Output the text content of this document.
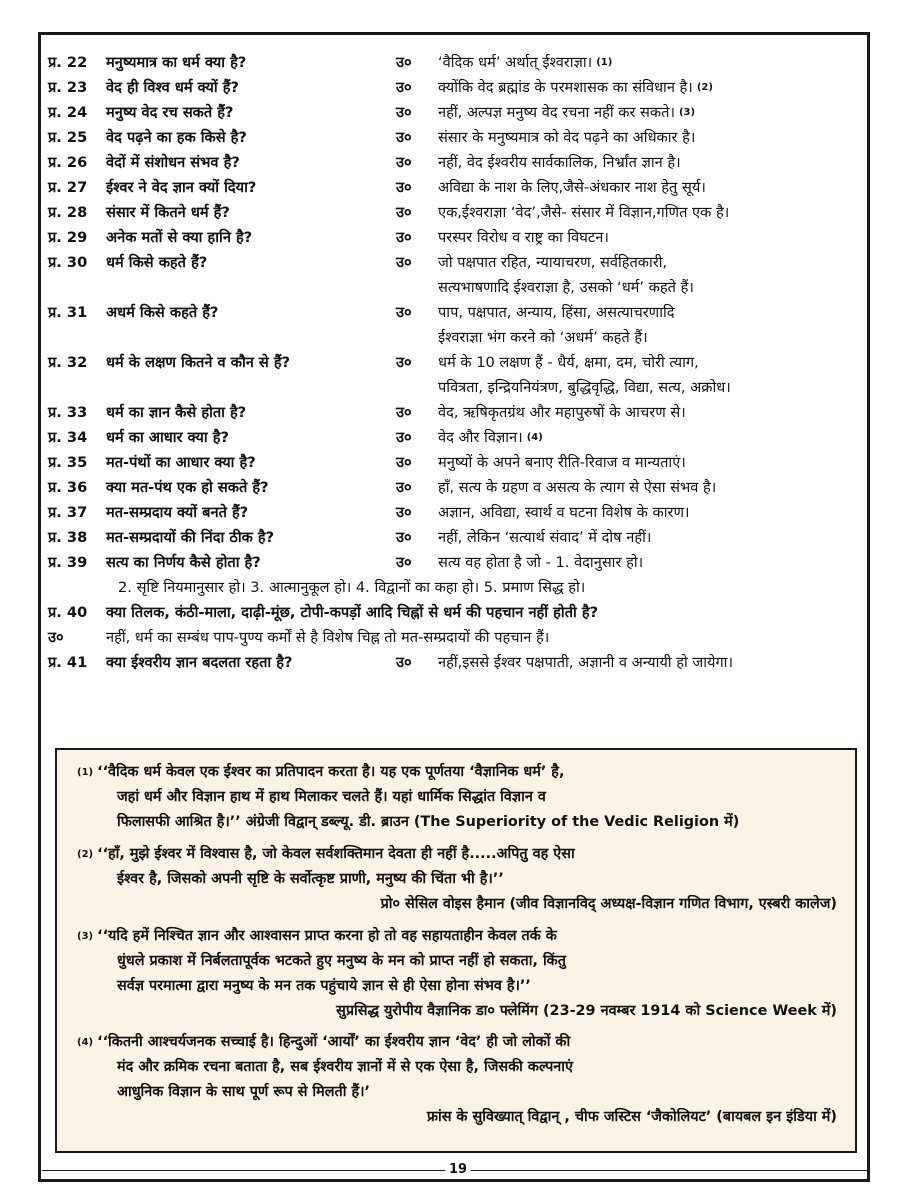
प्र. 22	मनुष्यमात्र का धर्म क्या है?	उ०	‘वैदिक धर्म’ अर्थात् ईश्वराज्ञा। $^{(1)}$
प्र. 23	वेद ही विश्व धर्म क्यों हैं?	उ०	क्योंकि वेद ब्रह्मांड के परमशासक का संविधान है। $^{(2)}$
प्र. 24	मनुष्य वेद रच सकते हैं?	उ०	नहीं, अल्पज्ञ मनुष्य वेद रचना नहीं कर सकते। $^{(3)}$
प्र. 25	वेद पढ़ने का हक किसे है?	उ०	संसार के मनुष्यमात्र को वेद पढ़ने का अधिकार है।
प्र. 26	वेदों में संशोधन संभव है?	उ०	नहीं, वेद ईश्वरीय सार्वकालिक, निर्भ्रांत ज्ञान है।
प्र. 27	ईश्वर ने वेद ज्ञान क्यों दिया?	उ०	अविद्या के नाश के लिए,जैसे-अंधकार नाश हेतु सूर्य।
प्र. 28	संसार में कितने धर्म हैं?	उ०	एक,ईश्वराज्ञा ‘वेद’,जैसे- संसार में विज्ञान,गणित एक है।
प्र. 29	अनेक मतों से क्या हानि है?	उ०	परस्पर विरोध व राष्ट्र का विघटन।
प्र. 30	धर्म किसे कहते हैं?	उ०	जो पक्षपात रहित, न्यायाचरण, सर्वहितकारी,
सत्यभाषणादि ईश्वराज्ञा है, उसको ‘धर्म’ कहते हैं।
प्र. 31	अधर्म किसे कहते हैं?	उ०	पाप, पक्षपात, अन्याय, हिंसा, असत्याचरणादि
ईश्वराज्ञा भंग करने को ‘अधर्म’ कहते हैं।
प्र. 32	धर्म के लक्षण कितने व कौन से हैं?	उ०	धर्म के 10 लक्षण हैं - धैर्य, क्षमा, दम, चोरी त्याग,
पवित्रता, इन्द्रियनियंत्रण, बुद्धिवृद्धि, विद्या, सत्य, अक्रोध।
प्र. 33	धर्म का ज्ञान कैसे होता है?	उ०	वेद, ऋषिकृतग्रंथ और महापुरुषों के आचरण से।
प्र. 34	धर्म का आधार क्या है?	उ०	वेद और विज्ञान। $^{(4)}$
प्र. 35	मत-पंथों का आधार क्या है?	उ०	मनुष्यों के अपने बनाए रीति-रिवाज व मान्यताएं।
प्र. 36	क्या मत-पंथ एक हो सकते हैं?	उ०	हाँ, सत्य के ग्रहण व असत्य के त्याग से ऐसा संभव है।
प्र. 37	मत-सम्प्रदाय क्यों बनते हैं?	उ०	अज्ञान, अविद्या, स्वार्थ व घटना विशेष के कारण।
प्र. 38	मत-सम्प्रदायों की निंदा ठीक है?	उ०	नहीं, लेकिन ‘सत्यार्थ संवाद’ में दोष नहीं।
प्र. 39	सत्य का निर्णय कैसे होता है?	उ०	सत्य वह होता है जो - 1. वेदानुसार हो।
2. सृष्टि नियमानुसार हो। 3. आत्मानुकूल हो। 4. विद्वानों का कहा हो। 5. प्रमाण सिद्ध हो।
प्र. 40	क्या तिलक, कंठी-माला, दाढ़ी-मूंछ, टोपी-कपड़ों आदि चिह्नों से धर्म की पहचान नहीं होती है?
उ०	नहीं, धर्म का सम्बंध पाप-पुण्य कर्मों से है विशेष चिह्न तो मत-सम्प्रदायों की पहचान हैं।
प्र. 41	क्या ईश्वरीय ज्ञान बदलता रहता है?	उ०	नहीं,इससे ईश्वर पक्षपाती, अज्ञानी व अन्यायी हो जायेगा।
$^{(1)}$ ‘‘वैदिक धर्म केवल एक ईश्वर का प्रतिपादन करता है। यह एक पूर्णतया ‘वैज्ञानिक धर्म’ है,
जहां धर्म और विज्ञान हाथ में हाथ मिलाकर चलते हैं। यहां धार्मिक सिद्धांत विज्ञान व
फिलासफी आश्रित है।’’ अंग्रेजी विद्वान् डब्ल्यू. डी. ब्राउन (The Superiority of the Vedic Religion में)
$^{(2)}$ ‘‘हाँ, मुझे ईश्वर में विश्वास है, जो केवल सर्वशक्तिमान देवता ही नहीं है.....अपितु वह ऐसा
ईश्वर है, जिसको अपनी सृष्टि के सर्वोत्कृष्ट प्राणी, मनुष्य की चिंता भी है।’’
प्रो० सेसिल वोइस हैमान (जीव विज्ञानविद् अध्यक्ष-विज्ञान गणित विभाग, एस्बरी कालेज)
$^{(3)}$ ‘‘यदि हमें निश्चित ज्ञान और आश्वासन प्राप्त करना हो तो वह सहायताहीन केवल तर्क के
धुंधले प्रकाश में निर्बलतापूर्वक भटकते हुए मनुष्य के मन को प्राप्त नहीं हो सकता, किंतु
सर्वज्ञ परमात्मा द्वारा मनुष्य के मन तक पहुंचाये ज्ञान से ही ऐसा होना संभव है।’’
सुप्रसिद्ध युरोपीय वैज्ञानिक डा० फ्लेमिंग (23-29 नवम्बर 1914 को Science Week में)
$^{(4)}$ ‘‘कितनी आश्चर्यजनक सच्चाई है। हिन्दुओं ‘आर्यों’ का ईश्वरीय ज्ञान ‘वेद’ ही जो लोकों की
मंद और क्रमिक रचना बताता है, सब ईश्वरीय ज्ञानों में से एक ऐसा है, जिसकी कल्पनाएं
आधुनिक विज्ञान के साथ पूर्ण रूप से मिलती हैं।’
फ्रांस के सुविख्यात् विद्वान् , चीफ जस्टिस ‘जैकोलियट’ (बायबल इन इंडिया में)
19
